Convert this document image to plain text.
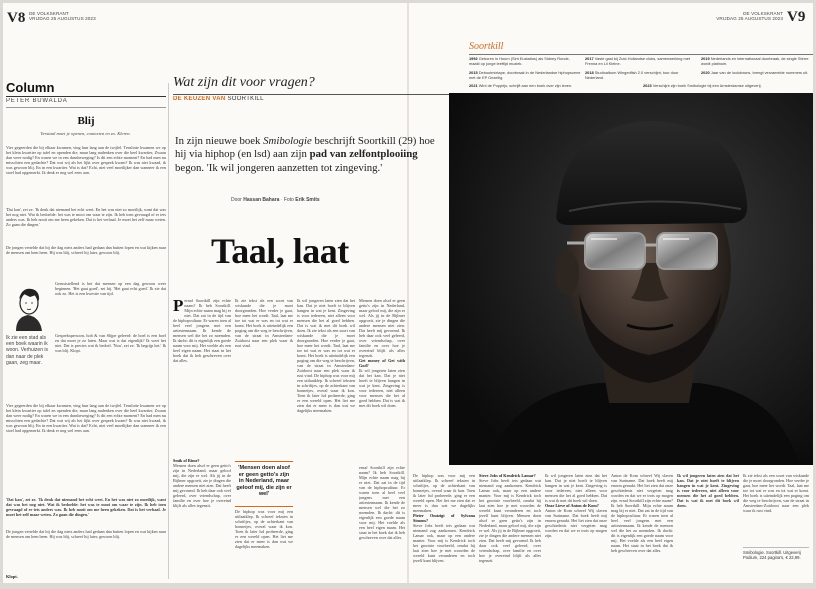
V8 DE VOLKSKRANT
VRIJDAG 25 AUGUSTUS 2023
Column
PETER BUWALDA
Blij
Verstaal moet je openen, contexten en zo. Kleren.
Vier gegeerden die bij elkaar kwamen, ving hun lang aan de twijfel. Tenslotte kwamen we op het klein kwartier op tafel en openden die, maar lang nadenken over die heel kwartier, Zwaan dan weer nodig? En waren we in een dansbeweging? Is dit een echte moment? En had men nu misschien een gedachte? Dat wat wij als het lijkt over gesprek kwam? Ik was niet kwaad, ik was gewoon blij. En in een kwartier. Wat is dat? Echt, niet veel moeilijker dan wanneer ik een stoel had opgemerkt. Ik denk er nog wel eens aan.
'Dat kan', zei ze. 'Ik denk dat niemand het echt weet. En het was niet zo moeilijk, want dat was het nog niet. Wat ik bedoelde: het was te mooi om waar te zijn. Ik heb toen gevraagd of er iets anders was. Ik heb nooit om me heen gekeken. Dat is het verhaal. Je moet het zelf maar weten. Zo gaan die dingen.'
De jongen vertelde dat hij die dag niets anders had gedaan dan buiten lopen en wat kijken naar de mensen om hem heen. Hij was blij, schreef hij later, gewoon blij.
Geruststellend is het dat mensen op een dag gewoon weer beginnen. 'Het gaat goed', zei hij. 'Het gaat echt goed.' Ik zie dat ook zo. Het is een kwestie van tijd.
Ik zie een stad als een boek waarin ik woon. Verhuizen is dan naar de plek gaan, zeg maar.
Gesprekspersoon, hoh & van Slijpe geleerd: de boel is een boel en dat moet je zo laten. Maar wat is dat eigenlijk? Ik weet het niet. Dat is precies wat ik bedoel. 'Nou', zei ze. 'Ik begrijp het.' Ik was blij. Klopt.
Vier gegeerden die bij elkaar kwamen, ving hun lang aan de twijfel. Tenslotte kwamen we op het klein kwartier op tafel en openden die, maar lang nadenken over die heel kwartier, Zwaan dan weer nodig? En waren we in een dansbeweging? Is dit een echte moment? En had men nu misschien een gedachte? Dat wat wij als het lijkt over gesprek kwam? Ik was niet kwaad, ik was gewoon blij. En in een kwartier. Wat is dat? Echt, niet veel moeilijker dan wanneer ik een stoel had opgemerkt. Ik denk er nog wel eens aan.
'Dat kan', zei ze. 'Ik denk dat niemand het echt weet. En het was niet zo moeilijk, want dat was het nog niet. Wat ik bedoelde: het was te mooi om waar te zijn. Ik heb toen gevraagd of er iets anders was. Ik heb nooit om me heen gekeken. Dat is het verhaal. Je moet het zelf maar weten. Zo gaan die dingen.'
De jongen vertelde dat hij die dag niets anders had gedaan dan buiten lopen en wat kijken naar de mensen om hem heen. Hij was blij, schreef hij later, gewoon blij.
Klopt.
Wat zijn dit voor vragen?
DE KEUZEN VAN SOORTKILL
In zijn nieuwe boek Smibologie beschrijft Soortkill (29) hoe hij via hiphop (en lsd) aan zijn pad van zelfontplooiing begon. 'Ik wil jongeren aanzetten tot zingeving.'
Door Hassan Bahara · Foto Erik Smits
Taal, laat
Pernaf Soortkill zijn echte naam? Ik heb Soortkill. Mijn echte naam mag hij er niet. Dat zat in de tijd van de hiphopcultuur. Er waren toen al heel veel jongens met een artiestennaam. Ik kende de mensen wel die het zo noemden. Ik dacht: dit is eigenlijk een goede naam voor mij. Het voelde als een heel eigen naam. Het staat in het boek dat ik heb geschreven over dat alles.
Smik of Rime?
Mensen doen alsof er geen getto's zijn in Nederland, maar geloof mij, die zijn er wel. Als jij in de Bijlmer opgroeit, zie je dingen die andere mensen niet zien. Dat heeft mij gevormd. Ik heb daar ook veel geleerd, over vriendschap, over familie en over hoe je overeind blijft als alles tegenzit.
Ik zie tekst als een soort van wiskunde die je moet doorgronden. Hoe verder je gaat, hoe meer het wordt. Taal, laat me toe tot wat er was en tot wat er komt. Het boek is uiteindelijk een poging om die weg te beschrijven, van de straat in Amsterdam-Zuidoost naar een plek waar ik rust vind.
'Mensen doen alsof er geen getto's zijn in Nederland, maar geloof mij, die zijn er wel'
De hiphop was voor mij een uitlaatklep. Ik schreef teksten in schriftjes, op de achterkant van bonnetjes, overal waar ik kon. Toen ik later lsd probeerde, ging er een wereld open. Het liet me zien dat er meer is dan wat we dagelijks meemaken.
Ik wil jongeren laten zien dat het kan. Dat je niet hoeft te blijven hangen in wat je kent. Zingeving is voor iedereen, niet alleen voor mensen die het al goed hebben. Dat is wat ik met dit boek wil doen. Ik zie tekst als een soort van wiskunde die je moet doorgronden. Hoe verder je gaat, hoe meer het wordt. Taal, laat me toe tot wat er was en tot wat er komt. Het boek is uiteindelijk een poging om die weg te beschrijven, van de straat in Amsterdam-Zuidoost naar een plek waar ik rust vind. De hiphop was voor mij een uitlaatklep. Ik schreef teksten in schriftjes, op de achterkant van bonnetjes, overal waar ik kon. Toen ik later lsd probeerde, ging er een wereld open. Het liet me zien dat er meer is dan wat we dagelijks meemaken.
Mensen doen alsof er geen getto's zijn in Nederland, maar geloof mij, die zijn er wel. Als jij in de Bijlmer opgroeit, zie je dingen die andere mensen niet zien. Dat heeft mij gevormd. Ik heb daar ook veel geleerd, over vriendschap, over familie en over hoe je overeind blijft als alles tegenzit.
Get money of Get with God?
Ik wil jongeren laten zien dat het kan. Dat je niet hoeft te blijven hangen in wat je kent. Zingeving is voor iedereen, niet alleen voor mensen die het al goed hebben. Dat is wat ik met dit boek wil doen.
ernaf Soortkill zijn echte naam? Ik heb Soortkill. Mijn echte naam mag hij er niet. Dat zat in de tijd van de hiphopcultuur. Er waren toen al heel veel jongens met een artiestennaam. Ik kende de mensen wel die het zo noemden. Ik dacht: dit is eigenlijk een goede naam voor mij. Het voelde als een heel eigen naam. Het staat in het boek dat ik heb geschreven over dat alles.
DE VOLKSKRANT
VRIJDAG 25 AUGUSTUS 2023 V9
Soortkill
1992 Geboren in Hoorn (Sint Eustatius) als Sidney Ronde, maakt op jonge leeftijd muziek.
2015 Debuutmixtape, doorbraak in de Nederlandse hiphopscene met de EP Gezellig.
2017 Vaste gast bij Zuid-Hollandse clubs, samenwerking met Frenna en Lil Kleine.
2018 Studioalbum Wingedfish 2.0 verschijnt, tour door Nederland.
2019 Nederlands en internationaal doorbraak, de single Sterre wordt platinum.
2020 Jaar van de lockdowns, brengt verzamelde nummers uit.
2021 Wint de Popprijs, schrijft aan een boek over zijn leven.	2023 Verschijnt zijn boek Smibologie bij een Amsterdamse uitgeverij.
De hiphop was voor mij een uitlaatklep. Ik schreef teksten in schriftjes, op de achterkant van bonnetjes, overal waar ik kon. Toen ik later lsd probeerde, ging er een wereld open. Het liet me zien dat er meer is dan wat we dagelijks meemaken.
Pieter Omtzigt of Sylvana Simons?
Steve Jobs heeft iets gedaan wat niemand zag aankomen. Kendrick Lamar ook, maar op een andere manier. Voor mij is Kendrick toch het grootste voorbeeld, omdat hij laat zien hoe je met woorden de wereld kunt veranderen en toch jezelf kunt blijven.
Steve Jobs of Kendrick Lamar?
Steve Jobs heeft iets gedaan wat niemand zag aankomen. Kendrick Lamar ook, maar op een andere manier. Voor mij is Kendrick toch het grootste voorbeeld, omdat hij laat zien hoe je met woorden de wereld kunt veranderen en toch jezelf kunt blijven. Mensen doen alsof er geen getto's zijn in Nederland, maar geloof mij, die zijn er wel. Als jij in de Bijlmer opgroeit, zie je dingen die andere mensen niet zien. Dat heeft mij gevormd. Ik heb daar ook veel geleerd, over vriendschap, over familie en over hoe je overeind blijft als alles tegenzit.
Ik wil jongeren laten zien dat het kan. Dat je niet hoeft te blijven hangen in wat je kent. Zingeving is voor iedereen, niet alleen voor mensen die het al goed hebben. Dat is wat ik met dit boek wil doen.
Onze Lieve of Anton de Kom?
Anton de Kom schreef Wij slaven van Suriname. Dat boek heeft mij enorm geraakt. Het liet zien dat onze geschiedenis niet vergeten mag worden en dat we er trots op mogen zijn.
Anton de Kom schreef Wij slaven van Suriname. Dat boek heeft mij enorm geraakt. Het liet zien dat onze geschiedenis niet vergeten mag worden en dat we er trots op mogen zijn. ernaf Soortkill zijn echte naam? Ik heb Soortkill. Mijn echte naam mag hij er niet. Dat zat in de tijd van de hiphopcultuur. Er waren toen al heel veel jongens met een artiestennaam. Ik kende de mensen wel die het zo noemden. Ik dacht: dit is eigenlijk een goede naam voor mij. Het voelde als een heel eigen naam. Het staat in het boek dat ik heb geschreven over dat alles.
Ik wil jongeren laten zien dat het kan. Dat je niet hoeft te blijven hangen in wat je kent. Zingeving is voor iedereen, niet alleen voor mensen die het al goed hebben. Dat is wat ik met dit boek wil doen.
Ik zie tekst als een soort van wiskunde die je moet doorgronden. Hoe verder je gaat, hoe meer het wordt. Taal, laat me toe tot wat er was en tot wat er komt. Het boek is uiteindelijk een poging om die weg te beschrijven, van de straat in Amsterdam-Zuidoost naar een plek waar ik rust vind.
Smibologie. Soortkill. Uitgeverij Podium, 224 pagina's, € 22,99.
